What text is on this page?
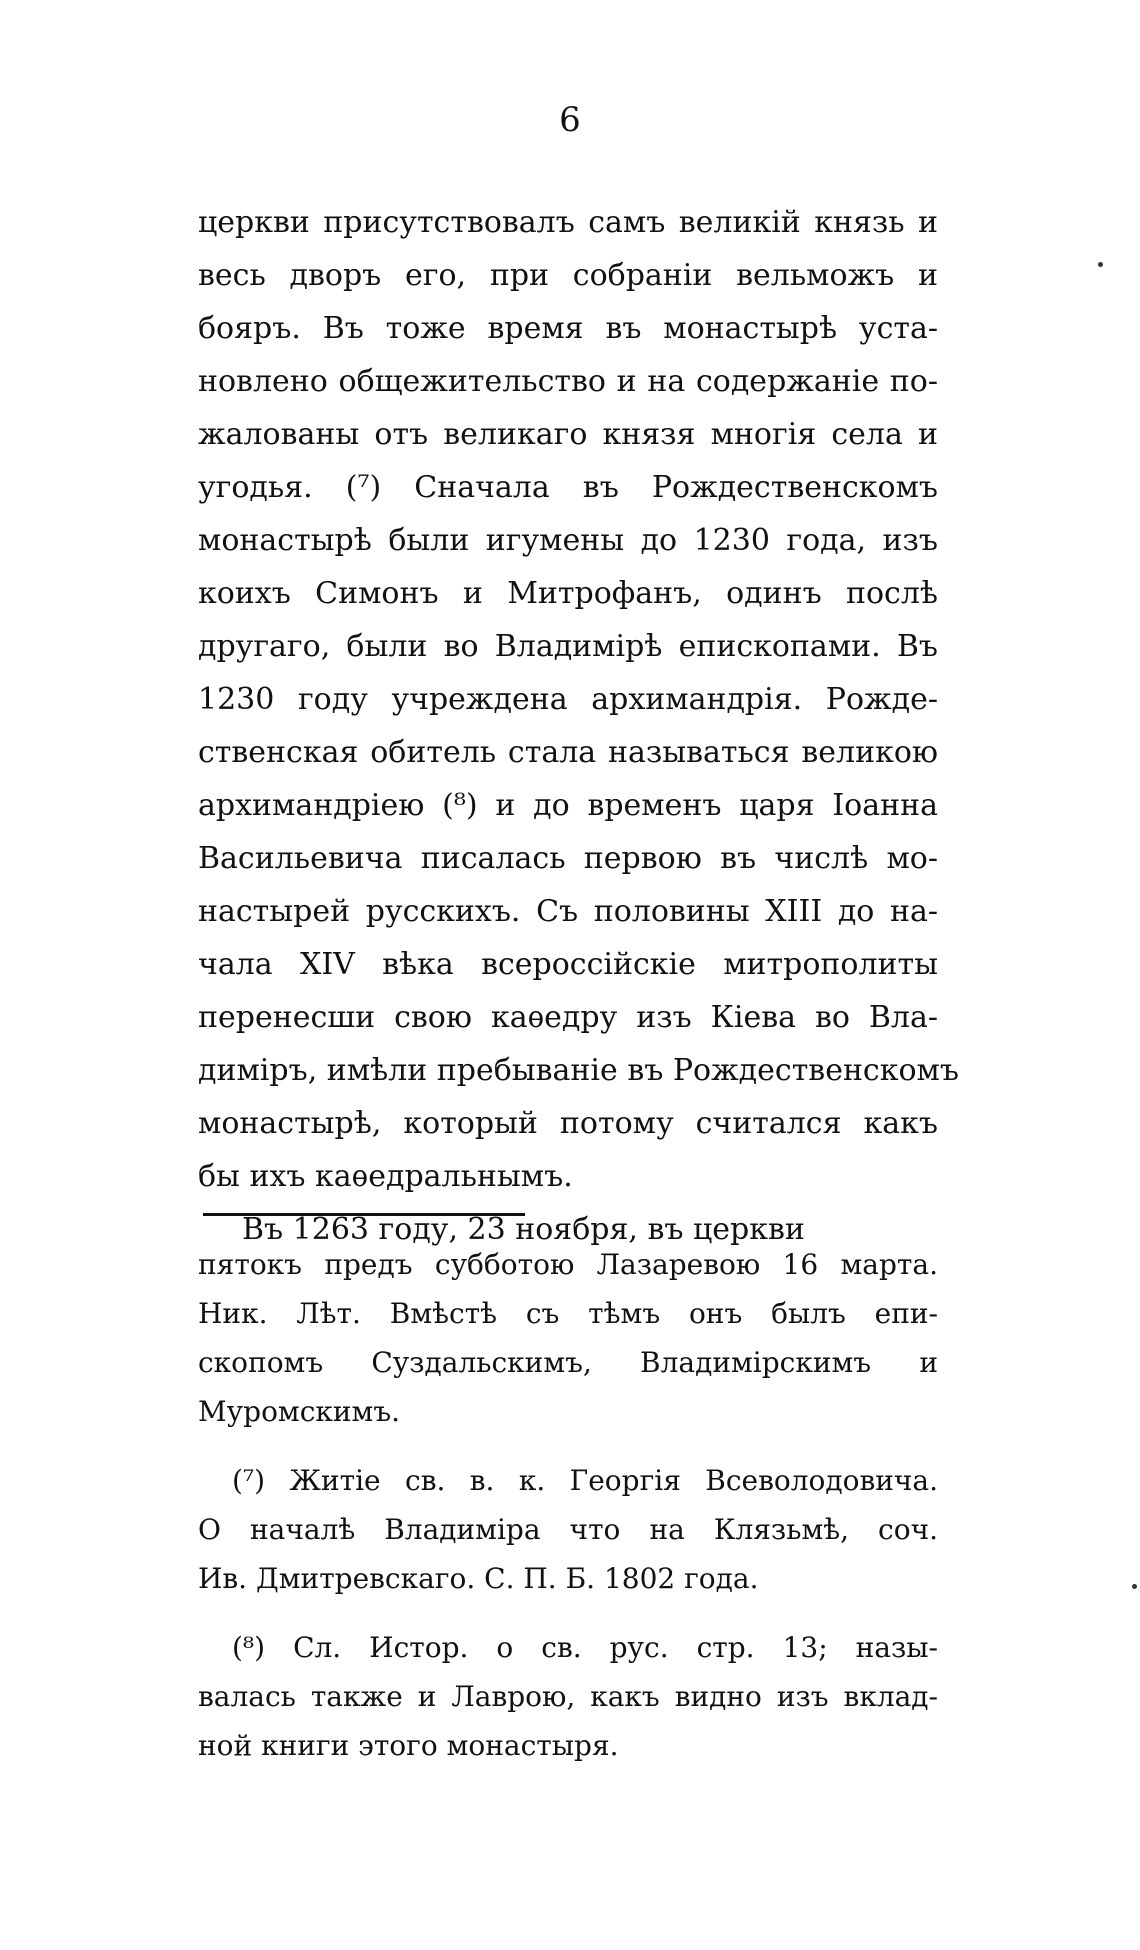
6
церкви присутствовалъ самъ великій князь и
весь дворъ его, при собраніи вельможъ и
бояръ. Въ тоже время въ монастырѣ уста-
новлено общежительство и на содержаніе по-
жалованы отъ великаго князя многія села и
угодья. (⁷) Сначала въ Рождественскомъ
монастырѣ были игумены до 1230 года, изъ
коихъ Симонъ и Митрофанъ, одинъ послѣ
другаго, были во Владимірѣ епископами. Въ
1230 году учреждена архимандрія. Рожде-
ственская обитель стала называться великою
архимандріею (⁸) и до временъ царя Іоанна
Васильевича писалась первою въ числѣ мо-
настырей русскихъ. Съ половины XIII до на-
чала XIV вѣка всероссійскіе митрополиты
перенесши свою каѳедру изъ Кіева во Вла-
диміръ, имѣли пребываніе въ Рождественскомъ
монастырѣ, который потому считался какъ
бы ихъ каѳедральнымъ.
Въ 1263 году, 23 ноября, въ церкви
пятокъ предъ субботою Лазаревою 16 марта.
Ник. Лѣт. Вмѣстѣ съ тѣмъ онъ былъ епи-
скопомъ Суздальскимъ, Владимірскимъ и
Муромскимъ.
(⁷) Житіе св. в. к. Георгія Всеволодовича.
О началѣ Владиміра что на Клязьмѣ, соч.
Ив. Дмитревскаго. С. П. Б. 1802 года.
(⁸) Сл. Истор. о св. рус. стр. 13; назы-
валась также и Лаврою, какъ видно изъ вклад-
ной книги этого монастыря.
